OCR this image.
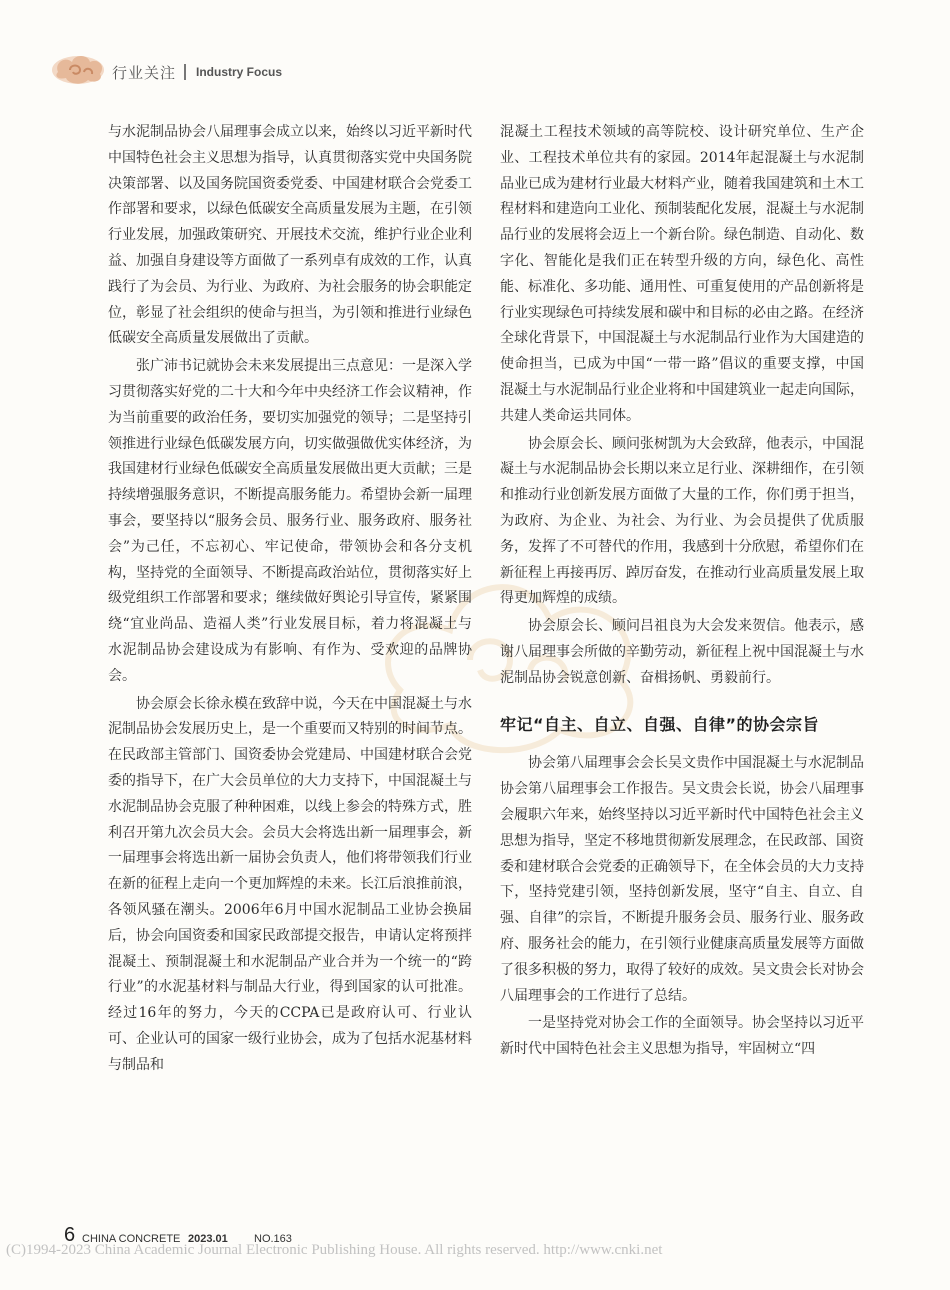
行业关注 Industry Focus

与水泥制品协会八届理事会成立以来，始终以习近平新时代中国特色社会主义思想为指导，认真贯彻落实党中央国务院决策部署、以及国务院国资委党委、中国建材联合会党委工作部署和要求，以绿色低碳安全高质量发展为主题，在引领行业发展，加强政策研究、开展技术交流，维护行业企业利益、加强自身建设等方面做了一系列卓有成效的工作，认真践行了为会员、为行业、为政府、为社会服务的协会职能定位，彰显了社会组织的使命与担当，为引领和推进行业绿色低碳安全高质量发展做出了贡献。

张广沛书记就协会未来发展提出三点意见：一是深入学习贯彻落实好党的二十大和今年中央经济工作会议精神，作为当前重要的政治任务，要切实加强党的领导；二是坚持引领推进行业绿色低碳发展方向，切实做强做优实体经济，为我国建材行业绿色低碳安全高质量发展做出更大贡献；三是持续增强服务意识，不断提高服务能力。希望协会新一届理事会，要坚持以“服务会员、服务行业、服务政府、服务社会”为己任，不忘初心、牢记使命，带领协会和各分支机构，坚持党的全面领导、不断提高政治站位，贯彻落实好上级党组织工作部署和要求；继续做好舆论引导宣传，紧紧围绕“宜业尚品、造福人类”行业发展目标，着力将混凝土与水泥制品协会建设成为有影响、有作为、受欢迎的品牌协会。

协会原会长徐永模在致辞中说，今天在中国混凝土与水泥制品协会发展历史上，是一个重要而又特别的时间节点。在民政部主管部门、国资委协会党建局、中国建材联合会党委的指导下，在广大会员单位的大力支持下，中国混凝土与水泥制品协会克服了种种困难，以线上参会的特殊方式，胜利召开第九次会员大会。会员大会将选出新一届理事会，新一届理事会将选出新一届协会负责人，他们将带领我们行业在新的征程上走向一个更加辉煌的未来。长江后浪推前浪，各领风骚在潮头。2006年6月中国水泥制品工业协会换届后，协会向国资委和国家民政部提交报告，申请认定将预拌混凝土、预制混凝土和水泥制品产业合并为一个统一的“跨行业”的水泥基材料与制品大行业，得到国家的认可批准。经过16年的努力，今天的CCPA已是政府认可、行业认可、企业认可的国家一级行业协会，成为了包括水泥基材料与制品和

混凝土工程技术领域的高等院校、设计研究单位、生产企业、工程技术单位共有的家园。2014年起混凝土与水泥制品业已成为建材行业最大材料产业，随着我国建筑和土木工程材料和建造向工业化、预制装配化发展，混凝土与水泥制品行业的发展将会迈上一个新台阶。绿色制造、自动化、数字化、智能化是我们正在转型升级的方向，绿色化、高性能、标准化、多功能、通用性、可重复使用的产品创新将是行业实现绿色可持续发展和碳中和目标的必由之路。在经济全球化背景下，中国混凝土与水泥制品行业作为大国建造的使命担当，已成为中国“一带一路”倡议的重要支撑，中国混凝土与水泥制品行业企业将和中国建筑业一起走向国际，共建人类命运共同体。

协会原会长、顾问张树凯为大会致辞，他表示，中国混凝土与水泥制品协会长期以来立足行业、深耕细作，在引领和推动行业创新发展方面做了大量的工作，你们勇于担当，为政府、为企业、为社会、为行业、为会员提供了优质服务，发挥了不可替代的作用，我感到十分欣慰，希望你们在新征程上再接再厉、踔厉奋发，在推动行业高质量发展上取得更加辉煌的成绩。

协会原会长、顾问吕祖良为大会发来贺信。他表示，感谢八届理事会所做的辛勤劳动，新征程上祝中国混凝土与水泥制品协会锐意创新、奋楫扬帆、勇毅前行。

牢记“自主、自立、自强、自律”的协会宗旨

协会第八届理事会会长吴文贵作中国混凝土与水泥制品协会第八届理事会工作报告。吴文贵会长说，协会八届理事会履职六年来，始终坚持以习近平新时代中国特色社会主义思想为指导，坚定不移地贯彻新发展理念，在民政部、国资委和建材联合会党委的正确领导下，在全体会员的大力支持下，坚持党建引领，坚持创新发展，坚守“自主、自立、自强、自律”的宗旨，不断提升服务会员、服务行业、服务政府、服务社会的能力，在引领行业健康高质量发展等方面做了很多积极的努力，取得了较好的成效。吴文贵会长对协会八届理事会的工作进行了总结。

一是坚持党对协会工作的全面领导。协会坚持以习近平新时代中国特色社会主义思想为指导，牢固树立“四

6 CHINA CONCRETE 2023.01 NO.163
(C)1994-2023 China Academic Journal Electronic Publishing House. All rights reserved. http://www.cnki.net
